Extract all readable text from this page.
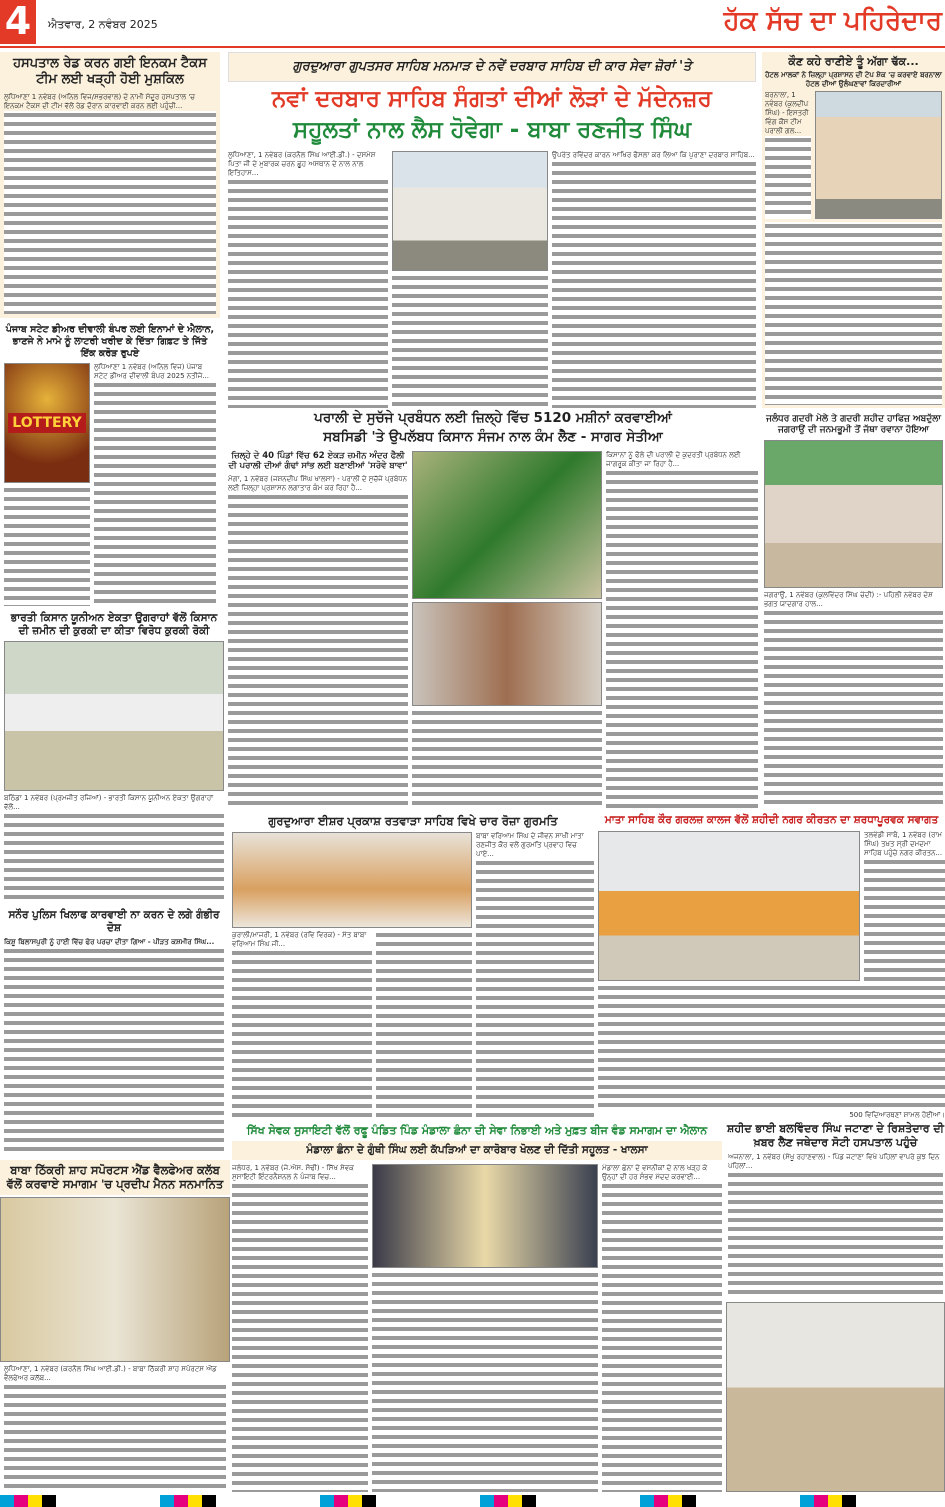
4	ਐਤਵਾਰ, 2 ਨਵੰਬਰ 2025	ਹੱਕ ਸੱਚ ਦਾ ਪਹਿਰੇਦਾਰ
ਹਸਪਤਾਲ ਰੇਡ ਕਰਨ ਗਈ ਇਨਕਮ ਟੈਕਸ ਟੀਮ ਲਈ ਖੜ੍ਹੀ ਹੋਈ ਮੁਸ਼ਕਿਲ
ਲੁਧਿਆਣਾ 1 ਨਵੰਬਰ (ਅਨਿਲ ਵਿਜ/ਸਭਰਵਾਲ) ਦੇ ਨਾਮੀ ਸੰਦੂਰ ਹਸਪਤਾਲ 'ਚ ਇਨਕਮ ਟੈਕਸ ਦੀ ਟੀਮ ਵੱਲੋਂ ਰੇਡ ਦੌਰਾਨ ਕਾਰਵਾਈ ਕਰਨ ਲਈ ਪਹੁੰਚੀ...
ਪੰਜਾਬ ਸਟੇਟ ਡੀਅਰ ਦੀਵਾਲੀ ਬੰਪਰ ਲਈ ਇਨਾਮਾਂ ਦੇ ਐਲਾਨ, ਭਾਣਜੇ ਨੇ ਮਾਮੇ ਨੂੰ ਲਾਟਰੀ ਖਰੀਦ ਕੇ ਦਿੱਤਾ ਗਿਫ਼ਟ ਤੇ ਜਿੱਤੇ ਇੱਕ ਕਰੋੜ ਰੁਪਏ
LOTTERY
ਲੁਧਿਆਣਾ 1 ਨਵੰਬਰ (ਅਨਿਲ ਵਿਜ) ਪੰਜਾਬ ਸਟੇਟ ਡੀਅਰ ਦੀਵਾਲੀ ਬੰਪਰ 2025 ਨਤੀਜੇ...
ਭਾਰਤੀ ਕਿਸਾਨ ਯੂਨੀਅਨ ਏਕਤਾ ਉਗਰਾਹਾਂ ਵੱਲੋਂ ਕਿਸਾਨ ਦੀ ਜ਼ਮੀਨ ਦੀ ਕੁਰਕੀ ਦਾ ਕੀਤਾ ਵਿਰੋਧ ਕੁਰਕੀ ਰੋਕੀ
ਬਠਿੰਡਾ 1 ਨਵੰਬਰ (ਪ੍ਰਮਜੀਤ ਰਜਿਆਂ) - ਭਾਰਤੀ ਕਿਸਾਨ ਯੂਨੀਅਨ ਏਕਤਾ ਉਗਰਾਹਾਂ ਵੱਲੋਂ...
ਸਨੌਰ ਪੁਲਿਸ ਖਿਲਾਫ ਕਾਰਵਾਈ ਨਾ ਕਰਨ ਦੇ ਲਗੇ ਗੰਭੀਰ ਦੋਸ਼
ਕਿਸ਼ੂ ਬਿਲਾਸਪੁਰੀ ਨੂੰ ਹਾਈ ਵਿੱਚ ਫੇਰ ਪਰਚਾ ਦੀਤਾ ਗਿਆ - ਪੀੜਤ ਕਸ਼ਮੀਰ ਸਿੰਘ...
ਬਾਬਾ ਠਿੱਕਰੀ ਸ਼ਾਹ ਸਪੋਰਟਸ ਐਂਡ ਵੈਲਫੇਅਰ ਕਲੱਬ ਵੱਲੋਂ ਕਰਵਾਏ ਸਮਾਗਮ 'ਚ ਪ੍ਰਦੀਪ ਮੈਨਨ ਸਨਮਾਨਿਤ
ਲੁਧਿਆਣਾ, 1 ਨਵੰਬਰ (ਕਰਨੈਲ ਸਿੰਘ ਆਈ.ਡੀ.) - ਬਾਬਾ ਠਿੱਕਰੀ ਸ਼ਾਹ ਸਪੋਰਟਸ ਐਂਡ ਵੈਲਫੇਅਰ ਕਲੱਬ...
ਗੁਰਦੁਆਰਾ ਗੁਪਤਸਰ ਸਾਹਿਬ ਮਨਮਾੜ ਦੇ ਨਵੇਂ ਦਰਬਾਰ ਸਾਹਿਬ ਦੀ ਕਾਰ ਸੇਵਾ ਜ਼ੋਰਾਂ 'ਤੇ
ਨਵਾਂ ਦਰਬਾਰ ਸਾਹਿਬ ਸੰਗਤਾਂ ਦੀਆਂ ਲੋੜਾਂ ਦੇ ਮੱਦੇਨਜ਼ਰ
ਸਹੂਲਤਾਂ ਨਾਲ ਲੈਸ ਹੋਵੇਗਾ - ਬਾਬਾ ਰਣਜੀਤ ਸਿੰਘ
ਲੁਧਿਆਣਾ, 1 ਨਵੰਬਰ (ਕਰਨੈਲ ਸਿੰਘ ਆਈ.ਡੀ.) - ਦਸਮੇਸ਼ ਪਿਤਾ ਜੀ ਦੇ ਮੁਬਾਰਕ ਚਰਨ ਛੂਹ ਅਸਥਾਨ ਦੇ ਨਾਲ ਨਾਲ ਇਤਿਹਾਸ...
ਉਪਰੰਤ ਰਵਿੰਦਰ ਕਾਰਨ ਆਖਿਰ ਫੈਸਲਾ ਕਰ ਲਿਆ ਕਿ ਪੁਰਾਣਾ ਦਰਬਾਰ ਸਾਹਿਬ...
ਪਰਾਲੀ ਦੇ ਸੁਚੱਜੇ ਪ੍ਰਬੰਧਨ ਲਈ ਜ਼ਿਲ੍ਹੇ ਵਿੱਚ 5120 ਮਸ਼ੀਨਾਂ ਕਰਵਾਈਆਂ
ਸਬਸਿਡੀ 'ਤੇ ਉਪਲੱਬਧ ਕਿਸਾਨ ਸੰਜਮ ਨਾਲ ਕੰਮ ਲੈਣ - ਸਾਗਰ ਸੇਤੀਆ
ਜ਼ਿਲ੍ਹੇ ਦੇ 40 ਪਿੰਡਾਂ ਵਿੱਚ 62 ਏਕੜ ਜ਼ਮੀਨ ਅੰਦਰ ਫੈਲੀ ਦੀ ਪਰਾਲੀ ਦੀਆਂ ਗੰਢਾਂ ਸਾਂਭ ਲਈ ਬਣਾਈਆਂ 'ਸਰੋਵੇ ਬਾਵਾ'
ਮੋਗਾ, 1 ਨਵੰਬਰ (ਜਸ਼ਨਦੀਪ ਸਿੰਘ ਖਾਲਸਾ) - ਪਰਾਲੀ ਦੇ ਸੁਚੱਜੇ ਪ੍ਰਬੰਧਨ ਲਈ ਜ਼ਿਲ੍ਹਾ ਪ੍ਰਸ਼ਾਸਨ ਲਗਾਤਾਰ ਕੰਮ ਕਰ ਰਿਹਾ ਹੈ...
ਕਿਸਾਨਾਂ ਨੂੰ ਫੈਲੇ ਦੀ ਪਰਾਲੀ ਦੇ ਕੁਦਰਤੀ ਪ੍ਰਬੰਧਨ ਲਈ ਜਾਗਰੂਕ ਕੀਤਾ ਜਾ ਰਿਹਾ ਹੈ...
ਕੌਣ ਕਹੇ ਰਾਣੀਏ ਤੂੰ ਅੱਗਾ ਢੱਕ...
ਹੋਟਲ ਮਾਲਕਾਂ ਨੇ ਜ਼ਿਲ੍ਹਾ ਪ੍ਰਸ਼ਾਸਨ ਦੀ ਟੇਪ ਸ਼ੇਕ 'ਚ ਕਰਵਾਏ ਬਰਨਾਲਾ ਹੋਟਲ ਦੀਆਂ ਉਲੰਘਣਾਵਾਂ ਕਿਰਦਾਰੀਆਂ
ਬਰਨਾਲਾ, 1 ਨਵੰਬਰ (ਕੁਲਦੀਪ ਸਿੰਘ) - ਇਸਤਰੀ ਵਿੰਗ ਕੌਂਸ ਟੀਮ ਪਰਾਲੀ ਗਲ...
ਜਲੰਧਰ ਗਦਰੀ ਮੇਲੇ ਤੇ ਗਦਰੀ ਸ਼ਹੀਦ ਹਾਫਿਜ਼ ਅਬਦੁੱਲਾ ਜਗਰਾਉਂ ਦੀ ਜਨਮਭੂਮੀ ਤੋਂ ਜੱਥਾ ਰਵਾਨਾ ਹੋਇਆ
ਜਗਰਾਉਂ, 1 ਨਵੰਬਰ (ਕੁਲਵਿੰਦਰ ਸਿੰਘ ਚੰਦੀ) :- ਪਹਿਲੀ ਨਵੰਬਰ ਦੇਸ਼ ਭਗਤ ਯਾਦਗਾਰ ਹਾਲ...
ਗੁਰਦੁਆਰਾ ਈਸ਼ਰ ਪ੍ਰਕਾਸ਼ ਰਤਵਾੜਾ ਸਾਹਿਬ ਵਿਖੇ ਚਾਰ ਰੋਜ਼ਾ ਗੁਰਮਤਿ
ਕੁਰਾਲੀ/ਮਾਜਰੀ, 1 ਨਵੰਬਰ (ਰਵਿ ਵਿਰਕ) - ਸੰਤ ਬਾਬਾ ਵਰਿਆਮ ਸਿੰਘ ਜੀ...
ਬਾਬਾ ਵਰਿਆਮ ਸਿੰਘ ਦੇ ਜੀਵਨ ਸਾਖੀ ਮਾਤਾ ਰਣਜੀਤ ਕੌਰ ਵਲੋਂ ਗੁਰਮਤਿ ਪ੍ਰਵਾਹ ਵਿਚ ਪਾਏ...
ਮਾਤਾ ਸਾਹਿਬ ਕੌਰ ਗਰਲਜ਼ ਕਾਲਜ ਵੱਲੋਂ ਸ਼ਹੀਦੀ ਨਗਰ ਕੀਰਤਨ ਦਾ ਸ਼ਰਧਾਪੂਰਵਕ ਸਵਾਗਤ
ਤਲਵੰਡੀ ਸਾਬੋ, 1 ਨਵੰਬਰ (ਰਾਮ ਸਿੰਘ) ਤਖ਼ਤ ਸ੍ਰੀ ਦਮਦਮਾ ਸਾਹਿਬ ਪਹੁੰਚੇ ਨਗਰ ਕੀਰਤਨ...
500 ਵਿਦਿਆਰਥਣਾਂ ਸ਼ਾਮਲ ਹੋਈਆਂ।
ਸਿੱਖ ਸੇਵਕ ਸੁਸਾਇਟੀ ਵੱਲੋਂ ਰਫੂ ਪੰਡਿਤ ਪਿੰਡ ਮੰਡਾਲਾ ਛੰਨਾ ਦੀ ਸੇਵਾ ਨਿਭਾਈ ਅਤੇ ਮੁਫ਼ਤ ਬੀਜ ਵੰਡ ਸਮਾਗਮ ਦਾ ਐਲਾਨ
ਮੰਡਾਲਾ ਛੰਨਾ ਦੇ ਗੁੰਥੀ ਸਿੰਘ ਲਈ ਕੱਪੜਿਆਂ ਦਾ ਕਾਰੋਬਾਰ ਖੋਲਣ ਦੀ ਦਿੱਤੀ ਸਹੂਲਤ - ਖਾਲਸਾ
ਜਲੰਧਰ, 1 ਨਵੰਬਰ (ਜੇ.ਐਸ. ਸੋਢੀ) - ਸਿੱਖ ਸੇਵਕ ਸੁਸਾਇਟੀ ਇੰਟਰਨੈਸ਼ਨਲ ਨੇ ਪੰਜਾਬ ਵਿਚ...
ਮੰਡਾਲਾ ਛੰਨਾ ਦੇ ਵਸਨੀਕਾਂ ਦੇ ਨਾਲ ਖੜ੍ਹ ਕੇ ਉਨ੍ਹਾਂ ਦੀ ਹਰ ਸੰਭਵ ਮੱਦਦ ਕਰਵਾਈ...
ਸ਼ਹੀਦ ਭਾਈ ਬਲਵਿੰਦਰ ਸਿੰਘ ਜਟਾਣਾ ਦੇ ਰਿਸ਼ਤੇਦਾਰ ਦੀ ਖ਼ਬਰ ਲੈਣ ਜਥੇਦਾਰ ਸੋਟੀ ਹਸਪਤਾਲ ਪਹੁੰਚੇ
ਅਜਨਾਲਾ, 1 ਨਵੰਬਰ (ਸੇਖੂ ਰਹਾਣਵਾਲ) - ਪਿੰਡ ਜਟਾਣਾ ਵਿਖੇ ਪਹਿਲਾਂ ਵਾਪਰੇ ਕੁਝ ਦਿਨ ਪਹਿਲਾਂ...
